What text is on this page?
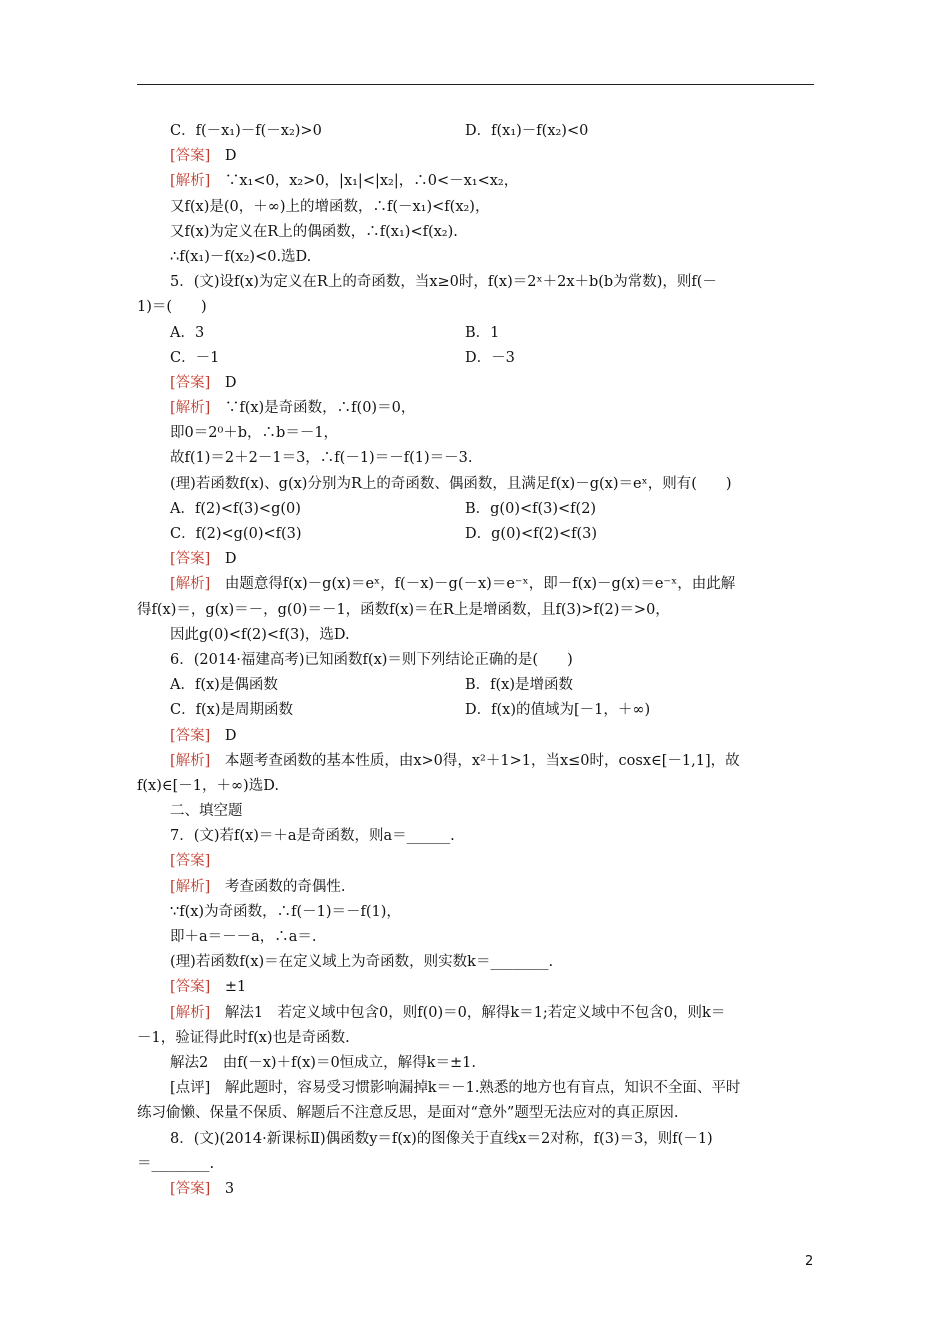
C．f(－x₁)－f(－x₂)>0	D．f(x₁)－f(x₂)<0
[答案]　D
[解析]　∵x₁<0，x₂>0，|x₁|<|x₂|，∴0<－x₁<x₂，
又f(x)是(0，＋∞)上的增函数，∴f(－x₁)<f(x₂)，
又f(x)为定义在R上的偶函数，∴f(x₁)<f(x₂).
∴f(x₁)－f(x₂)<0.选D.
5．(文)设f(x)为定义在R上的奇函数，当x≥0时，f(x)＝2ˣ＋2x＋b(b为常数)，则f(－
1)＝(　　)
A．3	B．1
C．－1	D．－3
[答案]　D
[解析]　∵f(x)是奇函数，∴f(0)＝0，
即0＝2⁰＋b，∴b＝－1，
故f(1)＝2＋2－1＝3，∴f(－1)＝－f(1)＝－3.
(理)若函数f(x)、g(x)分别为R上的奇函数、偶函数，且满足f(x)－g(x)＝eˣ，则有(　　)
A．f(2)<f(3)<g(0)	B．g(0)<f(3)<f(2)
C．f(2)<g(0)<f(3)	D．g(0)<f(2)<f(3)
[答案]　D
[解析]　由题意得f(x)－g(x)＝eˣ，f(－x)－g(－x)＝e⁻ˣ，即－f(x)－g(x)＝e⁻ˣ，由此解
得f(x)＝，g(x)＝－，g(0)＝－1，函数f(x)＝在R上是增函数，且f(3)>f(2)＝>0，
因此g(0)<f(2)<f(3)，选D.
6．(2014·福建高考)已知函数f(x)＝则下列结论正确的是(　　)
A．f(x)是偶函数	B．f(x)是增函数
C．f(x)是周期函数	D．f(x)的值域为[－1，＋∞)
[答案]　D
[解析]　本题考查函数的基本性质，由x>0得，x²＋1>1，当x≤0时，cosx∈[－1,1]，故
f(x)∈[－1，＋∞)选D.
二、填空题
7．(文)若f(x)＝＋a是奇函数，则a＝______.
[答案]
[解析]　考查函数的奇偶性.
∵f(x)为奇函数，∴f(－1)＝－f(1)，
即＋a＝－－a，∴a＝.
(理)若函数f(x)＝在定义域上为奇函数，则实数k＝________.
[答案]　±1
[解析]　解法1　若定义域中包含0，则f(0)＝0，解得k＝1;若定义域中不包含0，则k＝
－1，验证得此时f(x)也是奇函数.
解法2　由f(－x)＋f(x)＝0恒成立，解得k＝±1.
[点评]　解此题时，容易受习惯影响漏掉k＝－1.熟悉的地方也有盲点，知识不全面、平时
练习偷懒、保量不保质、解题后不注意反思，是面对“意外”题型无法应对的真正原因.
8．(文)(2014·新课标Ⅱ)偶函数y＝f(x)的图像关于直线x＝2对称，f(3)＝3，则f(－1)
＝________.
[答案]　3
2
